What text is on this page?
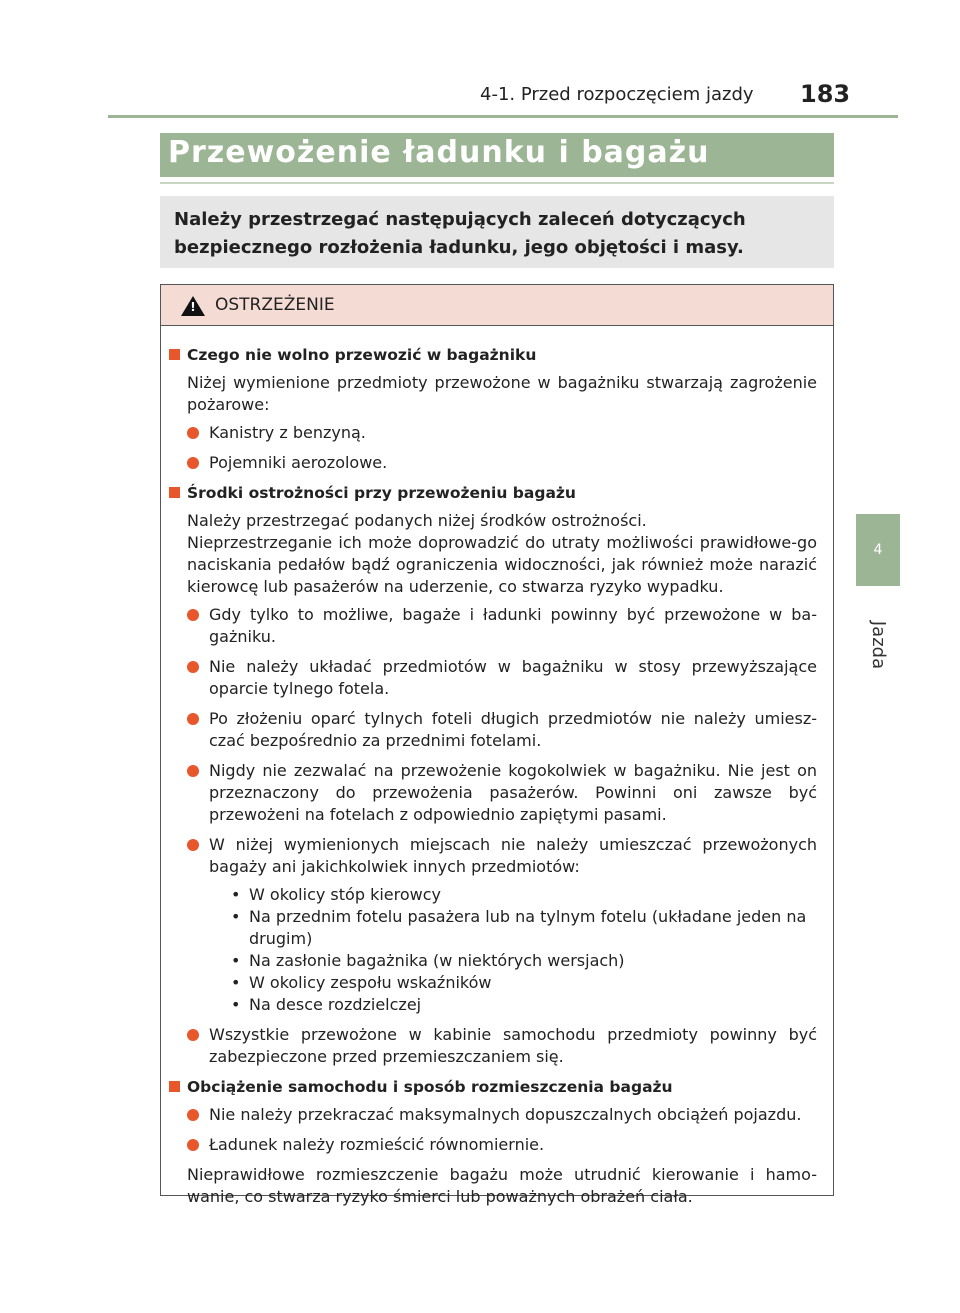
4-1. Przed rozpoczęciem jazdy 183
4
Jazda
Przewożenie ładunku i bagażu
Należy przestrzegać następujących zaleceń dotyczących bezpiecznego rozłożenia ładunku, jego objętości i masy.
! OSTRZEŻENIE
Czego nie wolno przewozić w bagażniku
Niżej wymienione przedmioty przewożone w bagażniku stwarzają zagrożenie pożarowe:
Kanistry z benzyną.
Pojemniki aerozolowe.
Środki ostrożności przy przewożeniu bagażu
Należy przestrzegać podanych niżej środków ostrożności.
Nieprzestrzeganie ich może doprowadzić do utraty możliwości prawidłowe-go naciskania pedałów bądź ograniczenia widoczności, jak również może narazić kierowcę lub pasażerów na uderzenie, co stwarza ryzyko wypadku.
Gdy tylko to możliwe, bagaże i ładunki powinny być przewożone w ba-gażniku.
Nie należy układać przedmiotów w bagażniku w stosy przewyższające oparcie tylnego fotela.
Po złożeniu oparć tylnych foteli długich przedmiotów nie należy umiesz-czać bezpośrednio za przednimi fotelami.
Nigdy nie zezwalać na przewożenie kogokolwiek w bagażniku. Nie jest on przeznaczony do przewożenia pasażerów. Powinni oni zawsze być przewożeni na fotelach z odpowiednio zapiętymi pasami.
W niżej wymienionych miejscach nie należy umieszczać przewożonych bagaży ani jakichkolwiek innych przedmiotów:
• W okolicy stóp kierowcy
• Na przednim fotelu pasażera lub na tylnym fotelu (układane jeden na drugim)
• Na zasłonie bagażnika (w niektórych wersjach)
• W okolicy zespołu wskaźników
• Na desce rozdzielczej
Wszystkie przewożone w kabinie samochodu przedmioty powinny być zabezpieczone przed przemieszczaniem się.
Obciążenie samochodu i sposób rozmieszczenia bagażu
Nie należy przekraczać maksymalnych dopuszczalnych obciążeń pojazdu.
Ładunek należy rozmieścić równomiernie.
Nieprawidłowe rozmieszczenie bagażu może utrudnić kierowanie i hamo-wanie, co stwarza ryzyko śmierci lub poważnych obrażeń ciała.
